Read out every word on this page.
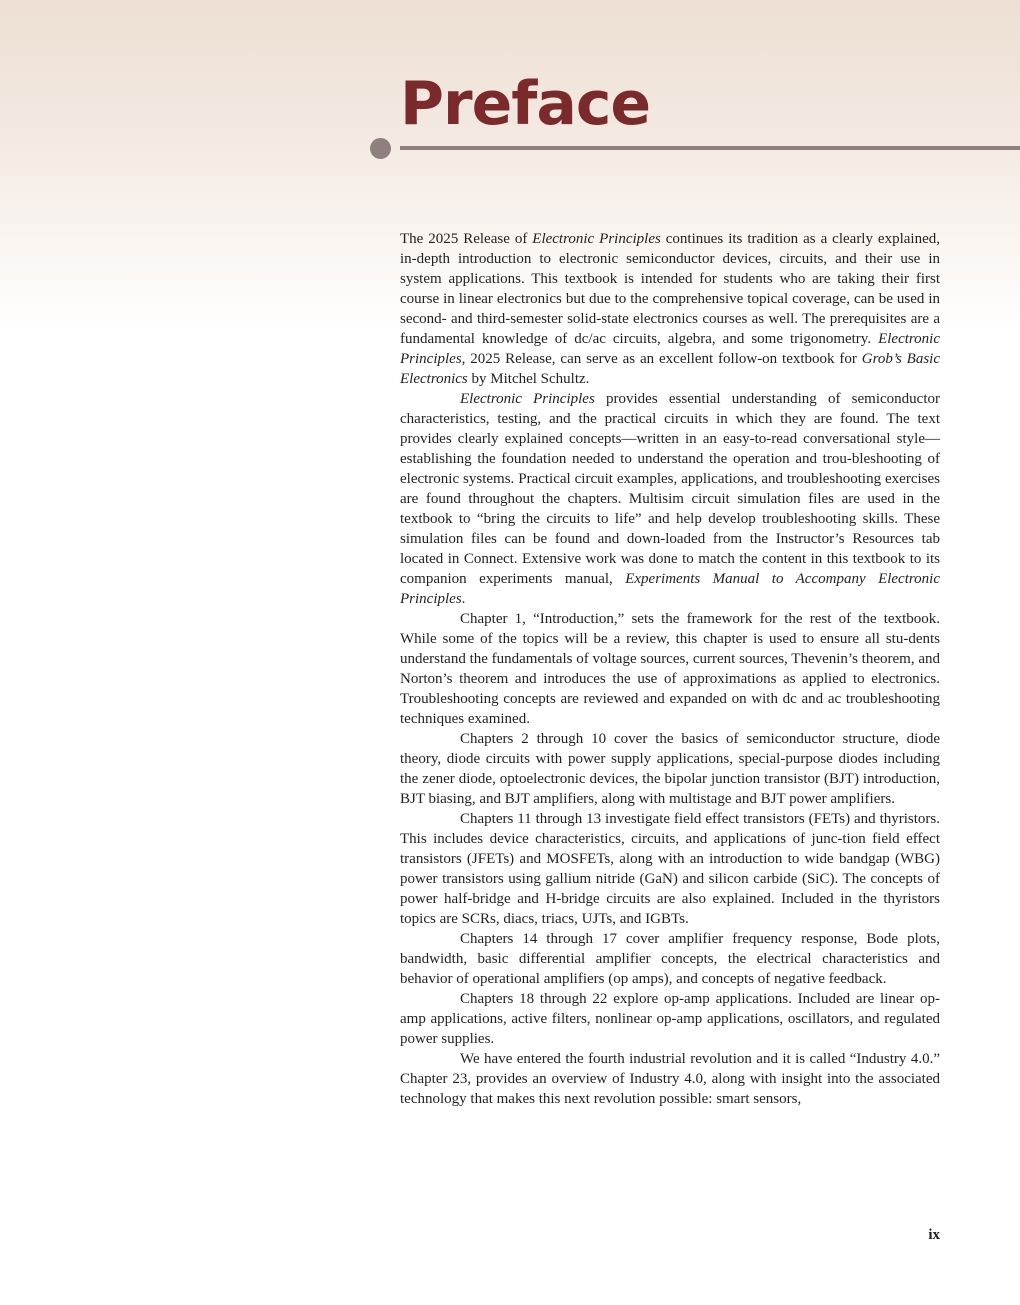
Preface

The 2025 Release of Electronic Principles continues its tradition as a clearly explained, in-depth introduction to electronic semiconductor devices, circuits, and their use in system applications. This textbook is intended for students who are taking their first course in linear electronics but due to the comprehensive topical coverage, can be used in second- and third-semester solid-state electronics courses as well. The prerequisites are a fundamental knowledge of dc/ac circuits, algebra, and some trigonometry. Electronic Principles, 2025 Release, can serve as an excellent follow-on textbook for Grob’s Basic Electronics by Mitchel Schultz.

Electronic Principles provides essential understanding of semiconductor characteristics, testing, and the practical circuits in which they are found. The text provides clearly explained concepts—written in an easy-to-read conversational style—establishing the foundation needed to understand the operation and trou-bleshooting of electronic systems. Practical circuit examples, applications, and troubleshooting exercises are found throughout the chapters. Multisim circuit simulation files are used in the textbook to “bring the circuits to life” and help develop troubleshooting skills. These simulation files can be found and down-loaded from the Instructor’s Resources tab located in Connect. Extensive work was done to match the content in this textbook to its companion experiments manual, Experiments Manual to Accompany Electronic Principles.

Chapter 1, “Introduction,” sets the framework for the rest of the textbook. While some of the topics will be a review, this chapter is used to ensure all stu-dents understand the fundamentals of voltage sources, current sources, Thevenin’s theorem, and Norton’s theorem and introduces the use of approximations as applied to electronics. Troubleshooting concepts are reviewed and expanded on with dc and ac troubleshooting techniques examined.

Chapters 2 through 10 cover the basics of semiconductor structure, diode theory, diode circuits with power supply applications, special-purpose diodes including the zener diode, optoelectronic devices, the bipolar junction transistor (BJT) introduction, BJT biasing, and BJT amplifiers, along with multistage and BJT power amplifiers.

Chapters 11 through 13 investigate field effect transistors (FETs) and thyristors. This includes device characteristics, circuits, and applications of junc-tion field effect transistors (JFETs) and MOSFETs, along with an introduction to wide bandgap (WBG) power transistors using gallium nitride (GaN) and silicon carbide (SiC). The concepts of power half-bridge and H-bridge circuits are also explained. Included in the thyristors topics are SCRs, diacs, triacs, UJTs, and IGBTs.

Chapters 14 through 17 cover amplifier frequency response, Bode plots, bandwidth, basic differential amplifier concepts, the electrical characteristics and behavior of operational amplifiers (op amps), and concepts of negative feedback.

Chapters 18 through 22 explore op-amp applications. Included are linear op-amp applications, active filters, nonlinear op-amp applications, oscillators, and regulated power supplies.

We have entered the fourth industrial revolution and it is called “Industry 4.0.” Chapter 23, provides an overview of Industry 4.0, along with insight into the associated technology that makes this next revolution possible: smart sensors,

ix
